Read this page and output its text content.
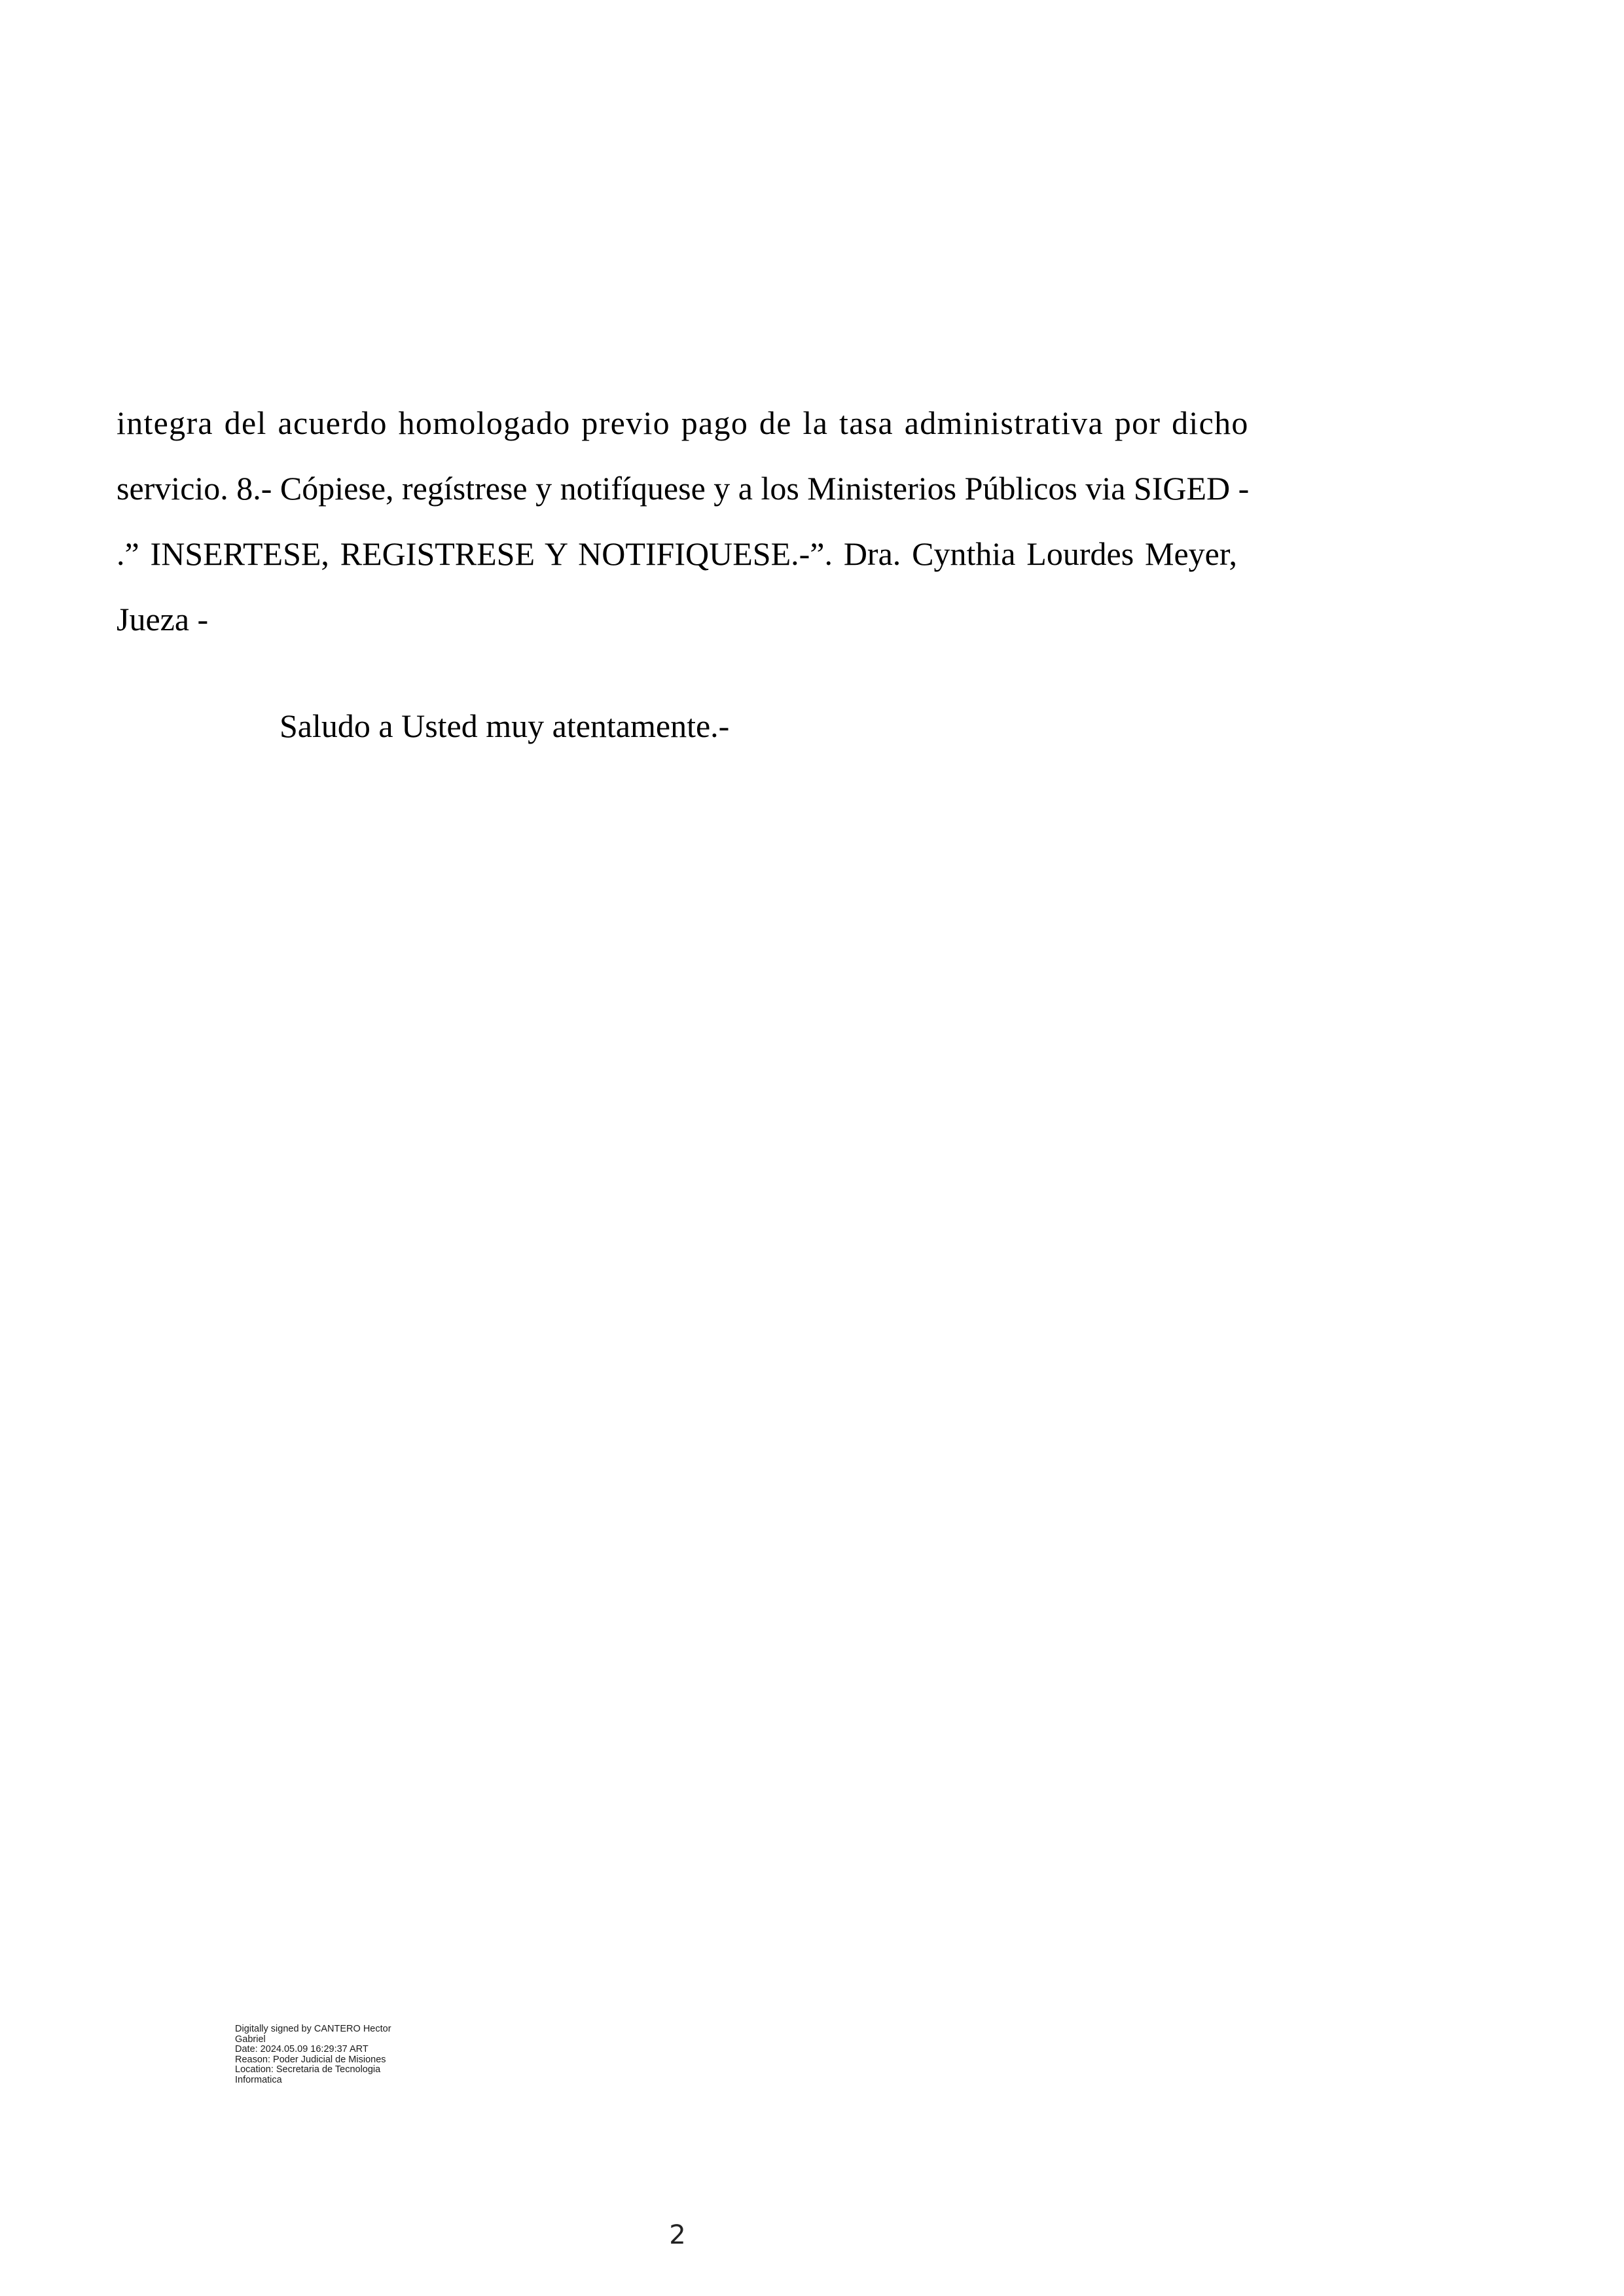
integra del acuerdo homologado previo pago de la tasa administrativa por dicho
servicio. 8.- Cópiese, regístrese y notifíquese y a los Ministerios Públicos via SIGED -
.” INSERTESE, REGISTRESE Y NOTIFIQUESE.-”. Dra. Cynthia Lourdes Meyer,
Jueza -
Saludo a Usted muy atentamente.-
Digitally signed by CANTERO Hector
Gabriel
Date: 2024.05.09 16:29:37 ART
Reason: Poder Judicial de Misiones
Location: Secretaria de Tecnologia
Informatica
2
